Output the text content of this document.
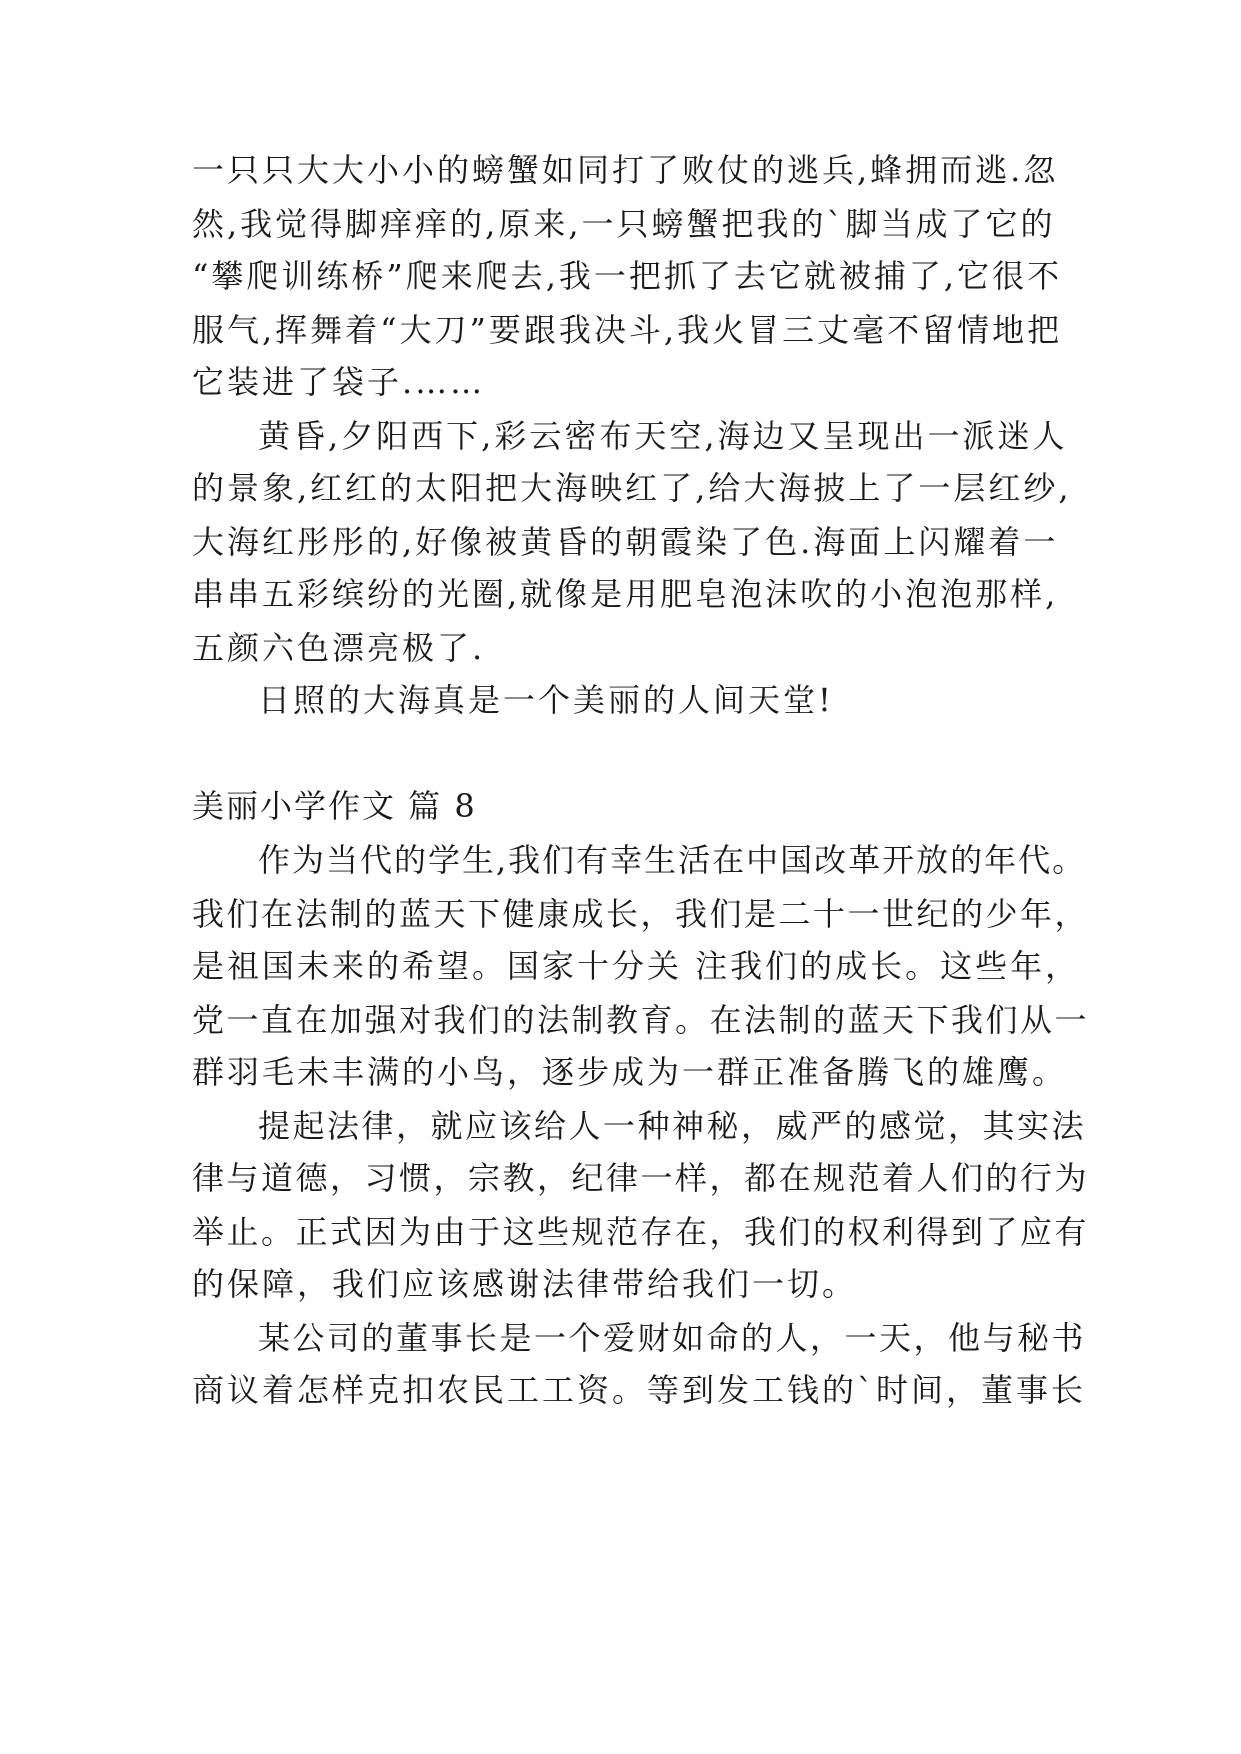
一只只大大小小的螃蟹如同打了败仗的逃兵,蜂拥而逃.忽
然,我觉得脚痒痒的,原来,一只螃蟹把我的`脚当成了它的
“攀爬训练桥”爬来爬去,我一把抓了去它就被捕了,它很不
服气,挥舞着“大刀”要跟我决斗,我火冒三丈毫不留情地把
它装进了袋子.……
黄昏,夕阳西下,彩云密布天空,海边又呈现出一派迷人
的景象,红红的太阳把大海映红了,给大海披上了一层红纱,
大海红彤彤的,好像被黄昏的朝霞染了色.海面上闪耀着一
串串五彩缤纷的光圈,就像是用肥皂泡沫吹的小泡泡那样,
五颜六色漂亮极了.
日照的大海真是一个美丽的人间天堂!
美丽小学作文 篇 8
作为当代的学生,我们有幸生活在中国改革开放的年代。
我们在法制的蓝天下健康成长，我们是二十一世纪的少年，
是祖国未来的希望。国家十分关 注我们的成长。这些年，
党一直在加强对我们的法制教育。在法制的蓝天下我们从一
群羽毛未丰满的小鸟，逐步成为一群正准备腾飞的雄鹰。
提起法律，就应该给人一种神秘，威严的感觉，其实法
律与道德，习惯，宗教，纪律一样，都在规范着人们的行为
举止。正式因为由于这些规范存在，我们的权利得到了应有
的保障，我们应该感谢法律带给我们一切。
某公司的董事长是一个爱财如命的人，一天，他与秘书
商议着怎样克扣农民工工资。等到发工钱的`时间，董事长
